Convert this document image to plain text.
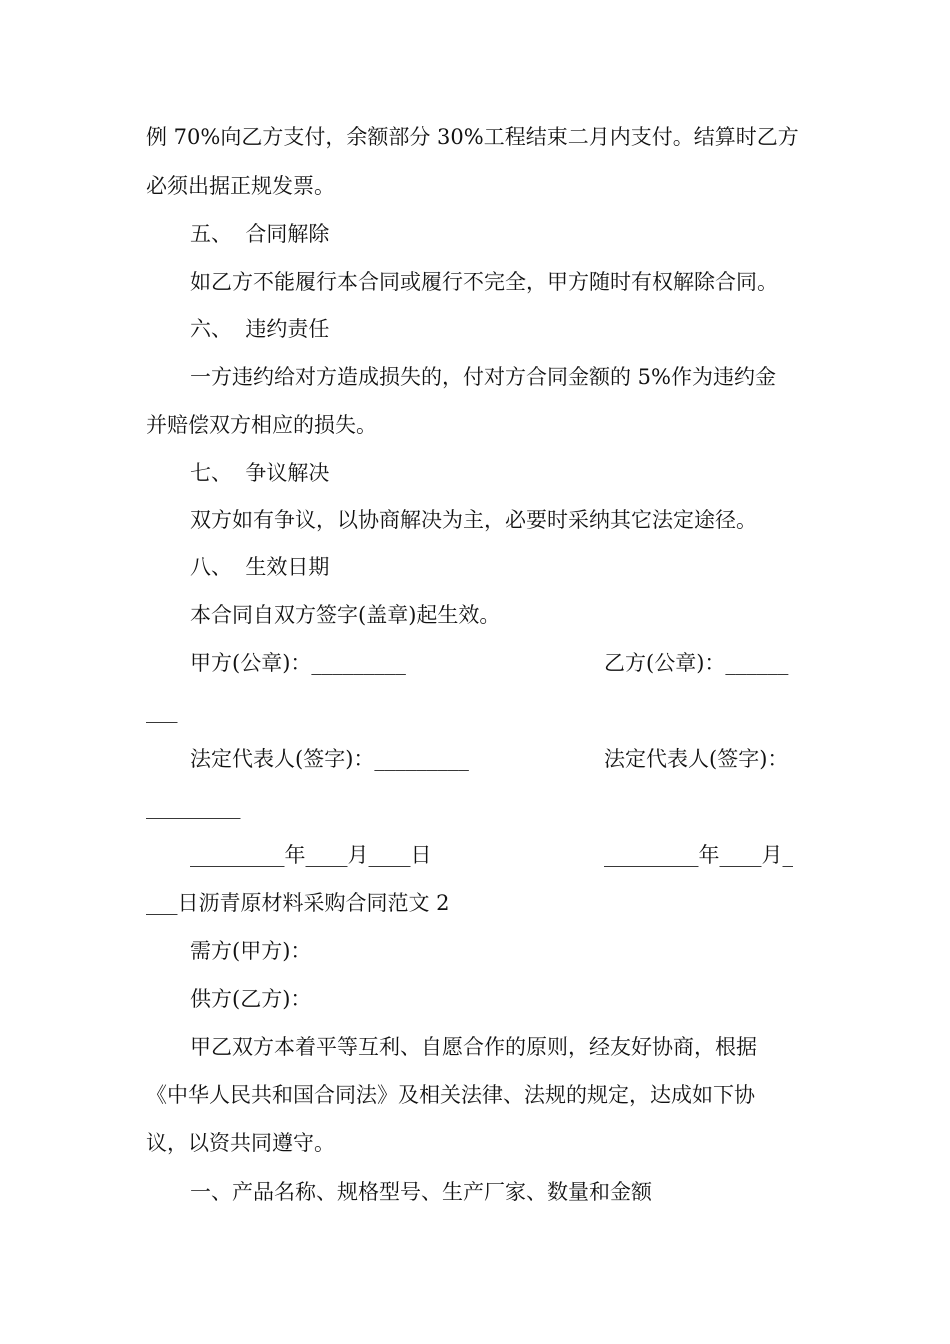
例 70%向乙方支付，余额部分 30%工程结束二月内支付。结算时乙方
必须出据正规发票。
五、  合同解除
如乙方不能履行本合同或履行不完全，甲方随时有权解除合同。
六、  违约责任
一方违约给对方造成损失的，付对方合同金额的 5%作为违约金
并赔偿双方相应的损失。
七、  争议解决
双方如有争议，以协商解决为主，必要时采纳其它法定途径。
八、  生效日期
本合同自双方签字(盖章)起生效。
甲方(公章)：_________	乙方(公章)：______
___
法定代表人(签字)：_________	法定代表人(签字)：
_________
_________年____月____日	_________年____月_
___日沥青原材料采购合同范文 2
需方(甲方)：
供方(乙方)：
甲乙双方本着平等互利、自愿合作的原则，经友好协商，根据
《中华人民共和国合同法》及相关法律、法规的规定，达成如下协
议，以资共同遵守。
一、产品名称、规格型号、生产厂家、数量和金额
